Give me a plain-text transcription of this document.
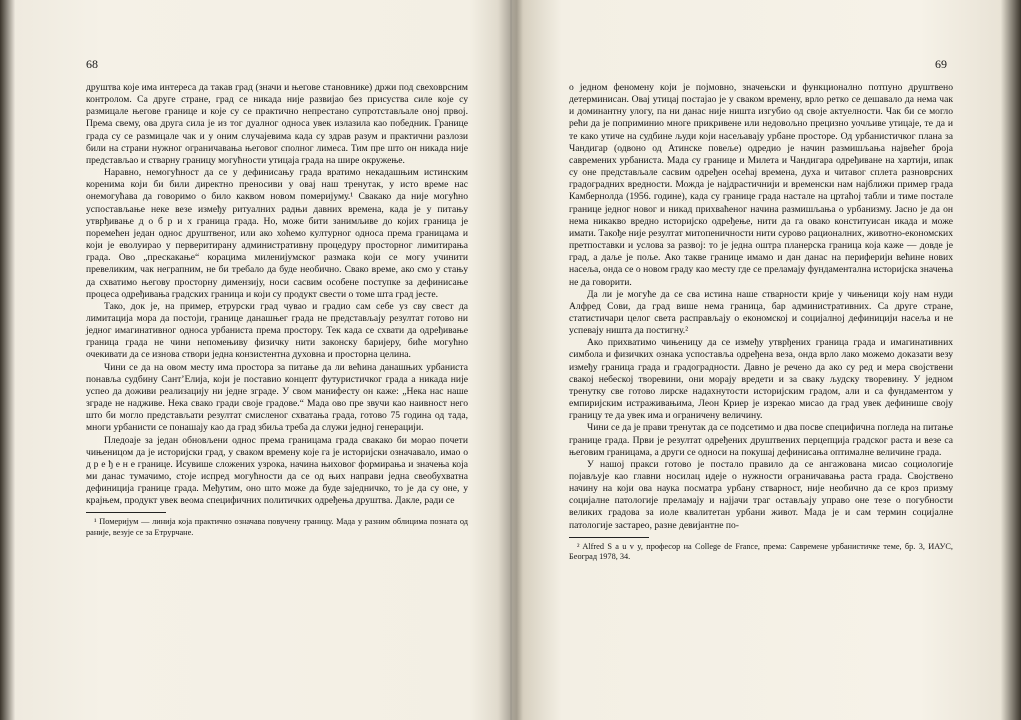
68

друштва које има интереса да такав град (значи и његове становнике) држи под свеховрсним контролом. Са друге стране, град се никада није развијао без присуства силе које су размицале његове границе и које су се практично непрестано супротстављале оној првој. Према свему, ова друга сила је из тог дуалног односа увек излазила као победник. Границе града су се размицале чак и у оним случајевима када су здрав разум и практични разлози били на страни нужног ограничавања његовог сполног лимеса. Тим пре што он никада није представљао и стварну границу могућности утицаја града на шире окружење.

Наравно, немогућност да се у дефинисању града вратимо некадашњим истинским коренима који би били директно преносиви у овај наш тренутак, у исто време нас онемогућава да говоримо о било каквом новом померијуму.¹ Свакако да није могућно успостављање неке везе између ритуалних радњи давних времена, када је у питању утврђивање д о б р и х граница града. Но, може бити занимљиве до којих граница је поремећен један однос друштвеног, или ако хоћемо културног односа према границама и који је еволуирао у перверитирану административну процедуру просторног лимитирања града. Ово „прескакање“ корацима миленијумског размака који се могу учинити превеликим, чак неграпним, не би требало да буде необично. Свако време, ако смо у стању да схватимо његову просторну димензију, носи сасвим особене поступке за дефинисање процеса одређивања градских граница и који су продукт свести о томе шта град јесте.

Тако, док је, на пример, етрурски град чувао и градио сам себе уз сву свест да лимитација мора да постоји, границе данашњег града не представљају резултат готово ни једног имагинативног односа урбаниста према простору. Тек када се схвати да одређивање граница града не чини непомењиву физичку нити законску баријеру, биће могућно очекивати да се изнова створи једна конзистентна духовна и просторна целина.

Чини се да на овом месту има простора за питање да ли већина данашњих урбаниста понавља судбину Сант’Елија, који је поставио концепт футуристичког града а никада није успео да доживи реализацију ни једне зграде. У свом манифесту он каже: „Нека нас наше зграде не надживе. Нека свако гради своје градове.“ Мада ово пре звучи као наивност него што би могло представљати резултат смисленог схватања града, готово 75 година од тада, многи урбанисти се понашају као да град збиља треба да служи једној генерацији.

Пледоаје за један обновљени однос према границама града свакако би морао почети чињеницом да је историјски град, у сваком времену које га је историјски означавало, имао о д р е ђ е н е границе. Исувише сложених узрока, начина њиховог формирања и значења која ми данас тумачимо, стоје испред могућности да се од њих направи једна свеобухватна дефиниција границе града. Међутим, оно што може да буде заједничко, то је да су оне, у крајњем, продукт увек веома специфичних политичких одређења друштва. Дакле, ради се

¹ Померијум — линија која практично означава повучену границу. Мада у разним облицима позната од раније, везује се за Етрурчане.
69

о једном феномену који је појмовно, значењски и функционално потпуно друштвено детерминисан. Овај утицај постајао је у сваком времену, врло ретко се дешавало да нема чак и доминантну улогу, па ни данас није ништа изгубио од своје актуелности. Чак би се могло рећи да је поприминио многе прикривене или недовољно прецизно уочљиве утицаје, те да и те како утиче на судбине људи који насељавају урбане просторе. Од урбанистичког плана за Чандигар (одвоно од Атинске повеље) одредио је начин размишљања највећег броја савремених урбаниста. Мада су границе и Милета и Чандигара одређиване на хартији, ипак су оне представљале сасвим одређен осећај времена, духа и читавог сплета разноврсних градоградних вредности. Можда је најдрастичнији и временски нам најближи пример града Камбернолда (1956. године), када су границе града настале на цртаћој табли и тиме постале границе једног новог и никад прихваћеног начина размишљања о урбанизму. Јасно је да он нема никакво вредно историјско одређење, нити да га овако конституисан икада и може имати. Такође није резултат митопеничности нити сурово рационалних, животно-економских претпоставки и услова за развој: то је једна оштра планерска граница која каже — довде је град, а даље је поље. Ако такве границе имамо и дан данас на периферији већине нових насеља, онда се о новом граду као месту где се преламају фундаментална историјска значења не да говорити.

Да ли је могуће да се сва истина наше стварности крије у чињеници коју нам нуди Алфред Сови, да град више нема граница, бар административних. Са друге стране, статистичари целог света расправљају о економској и социјалној дефиницији насеља и не успевају ништа да постигну.²

Ако прихватимо чињеницу да се између утврђених граница града и имагинативних симбола и физичких ознака успостављa одређена веза, онда врло лако можемо доказати везу између граница града и градоградности. Давно је речено да ако су ред и мера својствени свакој небеској творевини, они морају вредети и за сваку људску творевину. У једном тренутку све готово лирске надахнутости историјским градом, али и са фундаментом у емпиријским истраживањима, Леон Криер је изрекао мисао да град увек дефинише своју границу те да увек има и ограничену величину.

Чини се да је прави тренутак да се подсетимо и два посве специфична погледа на питање границе града. Први је резултат одређених друштвених перцепција градског раста и везе са његовим границама, а други се односи на покушај дефинисања оптималне величине града.

У нашој пракси готово је постало правило да се ангажована мисао социологије појављује као главни носилац идеје о нужности ограничавања раста града. Својствено начину на који ова наука посматра урбану стварност, није необично да се кроз призму социјалне патологије преламају и најјачи траг остављају управо оне тезе о погубности великих градова за иоле квалитетан урбани живот. Мада је и сам термин социјалне патологије застарео, разне девијантне по-

² Alfred S a u v y, професор на College de France, према: Савремене урбанистичке теме, бр. 3, ИАУС, Београд 1978, 34.
